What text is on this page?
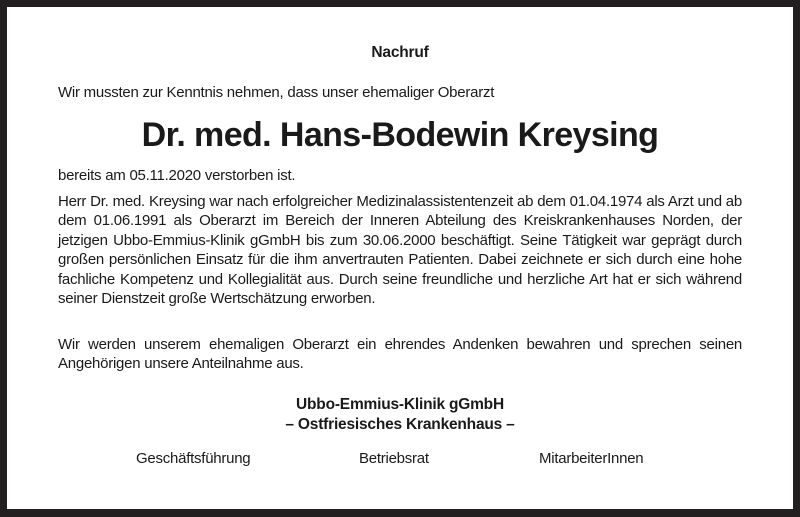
Nachruf
Wir mussten zur Kenntnis nehmen, dass unser ehemaliger Oberarzt
Dr. med. Hans-Bodewin Kreysing
bereits am 05.11.2020 verstorben ist.

Herr Dr. med. Kreysing war nach erfolgreicher Medizinalassistentenzeit ab dem 01.04.1974 als Arzt und ab dem 01.06.1991 als Oberarzt im Bereich der Inneren Abteilung des Kreiskrankenhauses Norden, der jetzigen Ubbo-Emmius-Klinik gGmbH bis zum 30.06.2000 beschäftigt. Seine Tätigkeit war geprägt durch großen persönlichen Einsatz für die ihm anvertrauten Patienten. Dabei zeichnete er sich durch eine hohe fachliche Kompetenz und Kollegialität aus. Durch seine freundliche und herzliche Art hat er sich während seiner Dienstzeit große Wertschätzung erworben.

Wir werden unserem ehemaligen Oberarzt ein ehrendes Andenken bewahren und sprechen seinen Angehörigen unsere Anteilnahme aus.

Ubbo-Emmius-Klinik gGmbH
– Ostfriesisches Krankenhaus –
Geschäftsführung	Betriebsrat	MitarbeiterInnen
